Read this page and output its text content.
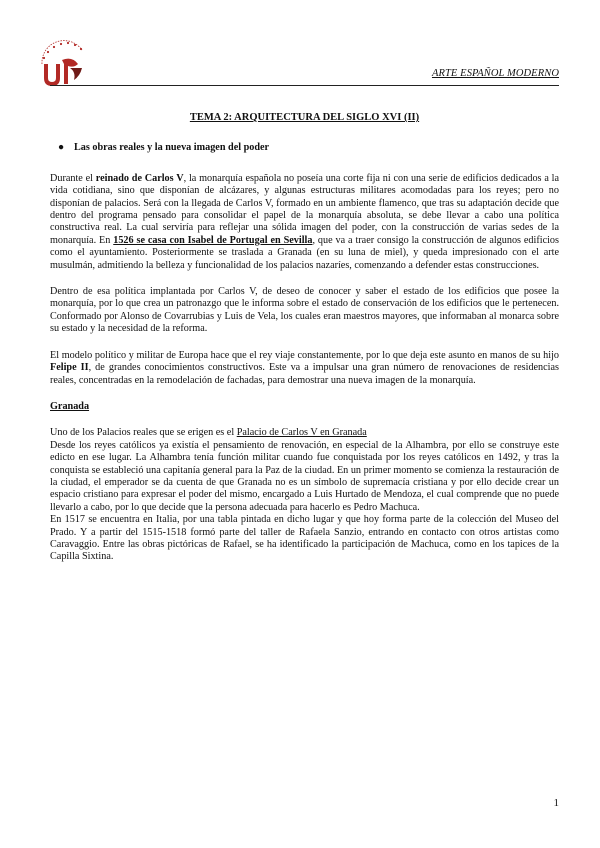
ARTE ESPAÑOL MODERNO
TEMA 2: ARQUITECTURA DEL SIGLO XVI (II)
● Las obras reales y la nueva imagen del poder

Durante el reinado de Carlos V, la monarquía española no poseía una corte fija ni con una serie de edificios dedicados a la vida cotidiana, sino que disponían de alcázares, y algunas estructuras militares acomodadas para los reyes; pero no disponían de palacios. Será con la llegada de Carlos V, formado en un ambiente flamenco, que tras su adaptación decide que dentro del programa pensado para consolidar el papel de la monarquía absoluta, se debe llevar a cabo una política constructiva real. La cual serviría para reflejar una sólida imagen del poder, con la construcción de varias sedes de la monarquía. En 1526 se casa con Isabel de Portugal en Sevilla, que va a traer consigo la construcción de algunos edificios como el ayuntamiento. Posteriormente se traslada a Granada (en su luna de miel), y queda impresionado con el arte musulmán, admitiendo la belleza y funcionalidad de los palacios nazaríes, comenzando a defender estas construcciones.

Dentro de esa política implantada por Carlos V, de deseo de conocer y saber el estado de los edificios que posee la monarquía, por lo que crea un patronazgo que le informa sobre el estado de conservación de los edificios que le pertenecen. Conformado por Alonso de Covarrubias y Luis de Vela, los cuales eran maestros mayores, que informaban al monarca sobre su estado y la necesidad de la reforma.

El modelo político y militar de Europa hace que el rey viaje constantemente, por lo que deja este asunto en manos de su hijo Felipe II, de grandes conocimientos constructivos. Este va a impulsar una gran número de renovaciones de residencias reales, concentradas en la remodelación de fachadas, para demostrar una nueva imagen de la monarquía.

Granada

Uno de los Palacios reales que se erigen es el Palacio de Carlos V en Granada

Desde los reyes católicos ya existía el pensamiento de renovación, en especial de la Alhambra, por ello se construye este edicto en ese lugar. La Alhambra tenía función militar cuando fue conquistada por los reyes católicos en 1492, y tras la conquista se estableció una capitanía general para la Paz de la ciudad. En un primer momento se comienza la restauración de la ciudad, el emperador se da cuenta de que Granada no es un símbolo de supremacía cristiana y por ello decide crear un espacio cristiano para expresar el poder del mismo, encargado a Luis Hurtado de Mendoza, el cual comprende que no puede llevarlo a cabo, por lo que decide que la persona adecuada para hacerlo es Pedro Machuca.

En 1517 se encuentra en Italia, por una tabla pintada en dicho lugar y que hoy forma parte de la colección del Museo del Prado. Y a partir del 1515-1518 formó parte del taller de Rafaela Sanzio, entrando en contacto con otros artistas como Caravaggio. Entre las obras pictóricas de Rafael, se ha identificado la participación de Machuca, como en los tapices de la Capilla Sixtina.

1
